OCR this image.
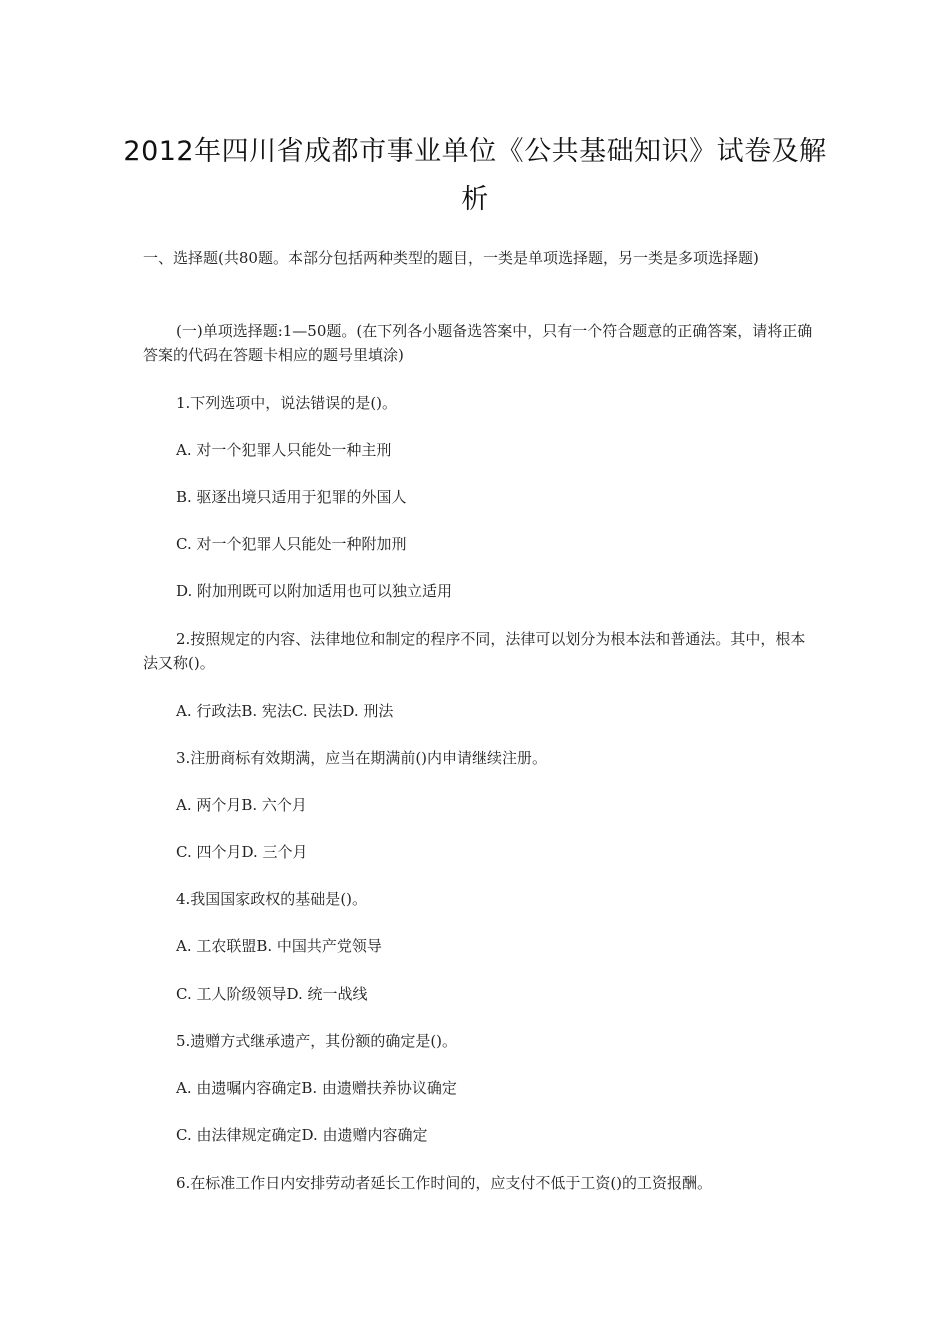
2012年四川省成都市事业单位《公共基础知识》试卷及解
析
一、选择题(共80题。本部分包括两种类型的题目，一类是单项选择题，另一类是多项选择题)
(一)单项选择题:1—50题。(在下列各小题备选答案中，只有一个符合题意的正确答案，请将正确答案的代码在答题卡相应的题号里填涂)
1.下列选项中，说法错误的是()。
A. 对一个犯罪人只能处一种主刑
B. 驱逐出境只适用于犯罪的外国人
C. 对一个犯罪人只能处一种附加刑
D. 附加刑既可以附加适用也可以独立适用
2.按照规定的内容、法律地位和制定的程序不同，法律可以划分为根本法和普通法。其中，根本法又称()。
A. 行政法B. 宪法C. 民法D. 刑法
3.注册商标有效期满，应当在期满前()内申请继续注册。
A. 两个月B. 六个月
C. 四个月D. 三个月
4.我国国家政权的基础是()。
A. 工农联盟B. 中国共产党领导
C. 工人阶级领导D. 统一战线
5.遗赠方式继承遗产，其份额的确定是()。
A. 由遗嘱内容确定B. 由遗赠扶养协议确定
C. 由法律规定确定D. 由遗赠内容确定
6.在标准工作日内安排劳动者延长工作时间的，应支付不低于工资()的工资报酬。
